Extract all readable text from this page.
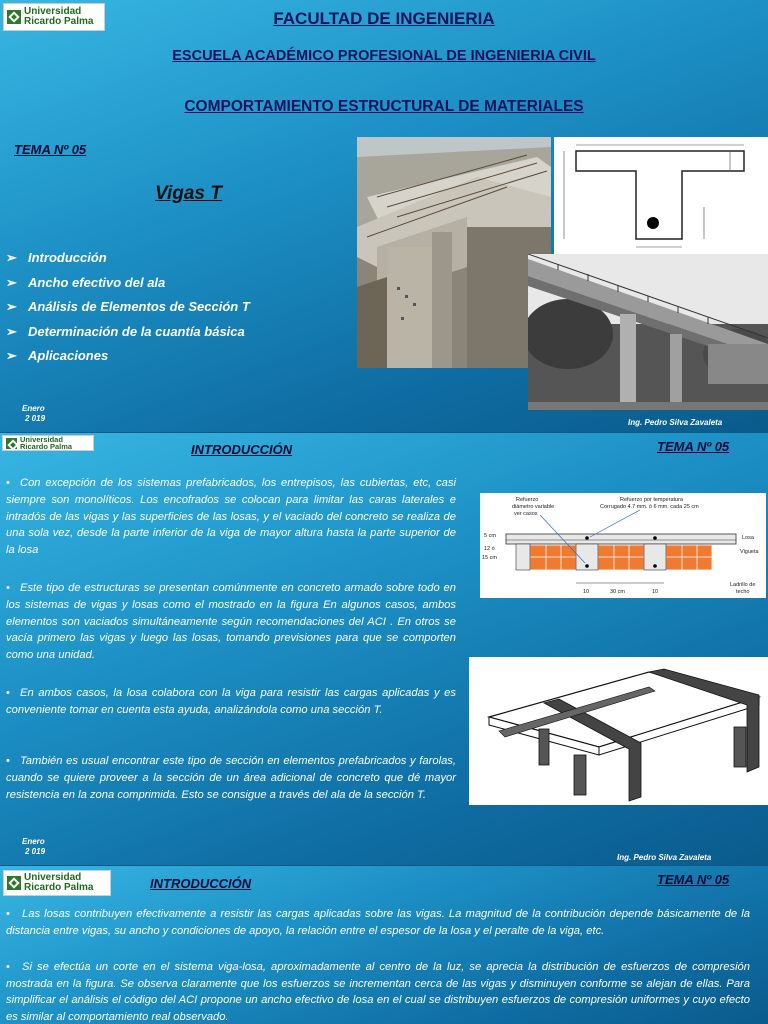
Universidad
Ricardo Palma	FACULTAD DE INGENIERIA
ESCUELA ACADÉMICO PROFESIONAL DE INGENIERIA CIVIL
COMPORTAMIENTO ESTRUCTURAL DE MATERIALES
TEMA Nº 05
Vigas T
➢ Introducción
➢ Ancho efectivo del ala
➢ Análisis de Elementos de Sección T
➢ Determinación de la cuantía básica
➢ Aplicaciones
Enero
2 019	Ing. Pedro Silva Zavaleta
Universidad
Ricardo Palma	INTRODUCCIÓN	TEMA Nº 05
• Con excepción de los sistemas prefabricados, los entrepisos, las cubiertas, etc, casi siempre son monolíticos. Los encofrados se colocan para limitar las caras laterales e intradós de las vigas y las superficies de las losas, y el vaciado del concreto se realiza de una sola vez, desde la parte inferior de la viga de mayor altura hasta la parte superior de la losa
• Este tipo de estructuras se presentan comúnmente en concreto armado sobre todo en los sistemas de vigas y losas como el mostrado en la figura En algunos casos, ambos elementos son vaciados simultáneamente según recomendaciones del ACI . En otros se vacía primero las vigas y luego las losas, tomando previsiones para que se comporten como una unidad.
• En ambos casos, la losa colabora con la viga para resistir las cargas aplicadas y es conveniente tomar en cuenta esta ayuda, analizándola como una sección T.
• También es usual encontrar este tipo de sección en elementos prefabricados y farolas, cuando se quiere proveer a la sección de un área adicional de concreto que dé mayor resistencia en la zona comprimida. Esto se consigue a través del ala de la sección T.
Enero
2 019
Ing. Pedro Silva Zavaleta
Refuerzo
diámetro variable
ver casos
Refuerzo por temperatura
Corrugado 4.7 mm. ó 6 mm. cada 25 cm
5 cm
12 ó
15 cm
Losa
Vigueta
Ladrillo de
techo
10	30 cm	10
Universidad
Ricardo Palma	INTRODUCCIÓN	TEMA Nº 05
• Las losas contribuyen efectivamente a resistir las cargas aplicadas sobre las vigas. La magnitud de la contribución depende básicamente de la distancia entre vigas, su ancho y condiciones de apoyo, la relación entre el espesor de la losa y el peralte de la viga, etc.
• Si se efectúa un corte en el sistema viga-losa, aproximadamente al centro de la luz, se aprecia la distribución de esfuerzos de compresión mostrada en la figura. Se observa claramente que los esfuerzos se incrementan cerca de las vigas y disminuyen conforme se alejan de ellas. Para simplificar el análisis el código del ACI propone un ancho efectivo de losa en el cual se distribuyen esfuerzos de compresión uniformes y cuyo efecto es similar al comportamiento real observado.
